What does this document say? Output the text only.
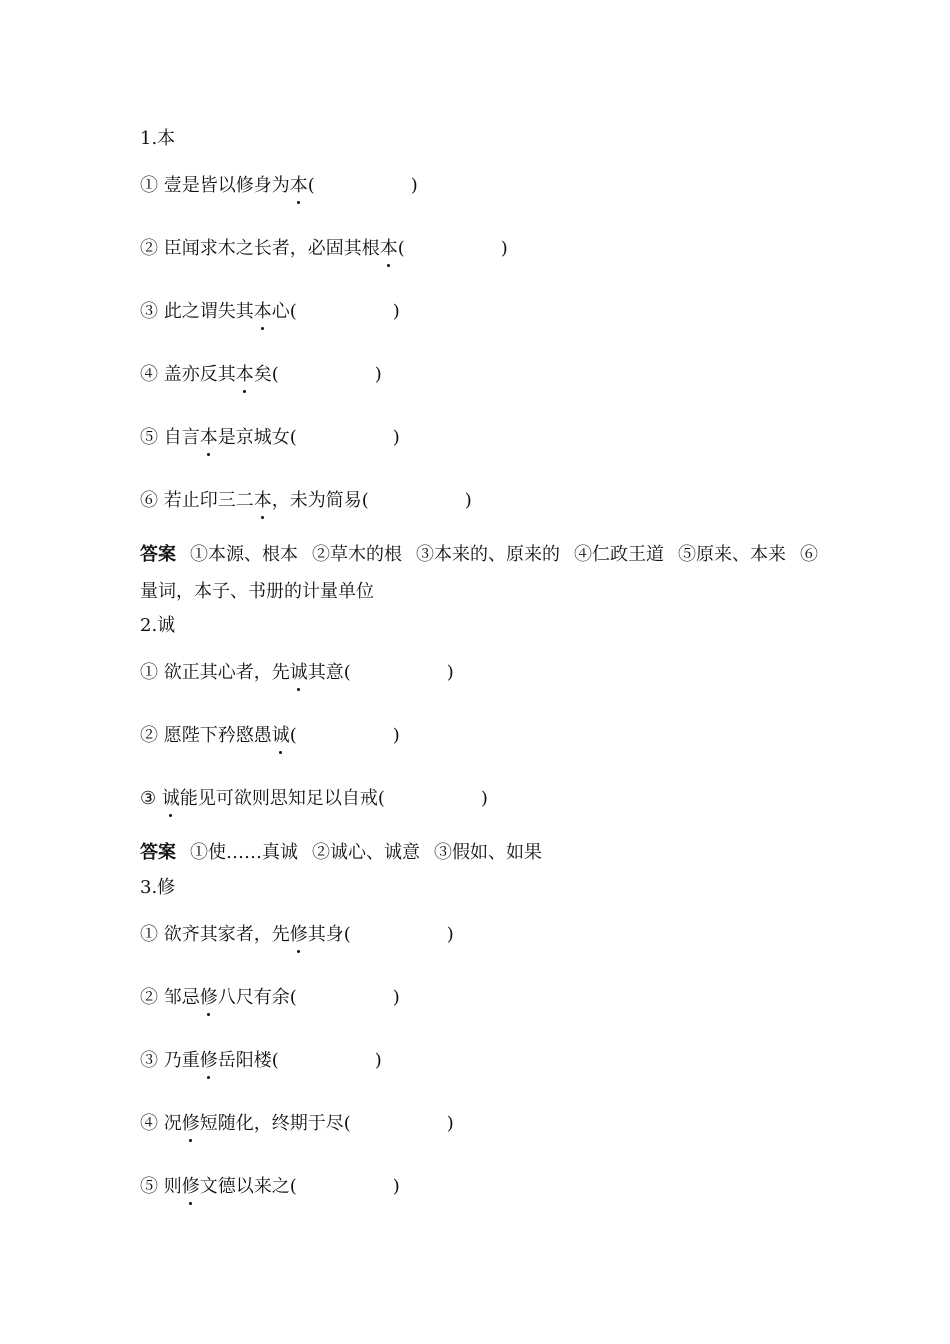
1.本
① 壹是皆以修身为本(	)
② 臣闻求木之长者，必固其根本(	)
③ 此之谓失其本心(	)
④ 盖亦反其本矣(	)
⑤ 自言本是京城女(	)
⑥ 若止印三二本，未为简易(	)
答案 ①本源、根本 ②草木的根 ③本来的、原来的 ④仁政王道 ⑤原来、本来 ⑥量词，本子、书册的计量单位
2.诚
① 欲正其心者，先诚其意(	)
② 愿陛下矜愍愚诚(	)
③ 诚能见可欲则思知足以自戒(	)
答案 ①使……真诚 ②诚心、诚意 ③假如、如果
3.修
① 欲齐其家者，先修其身(	)
② 邹忌修八尺有余(	)
③ 乃重修岳阳楼(	)
④ 况修短随化，终期于尽(	)
⑤ 则修文德以来之(	)
